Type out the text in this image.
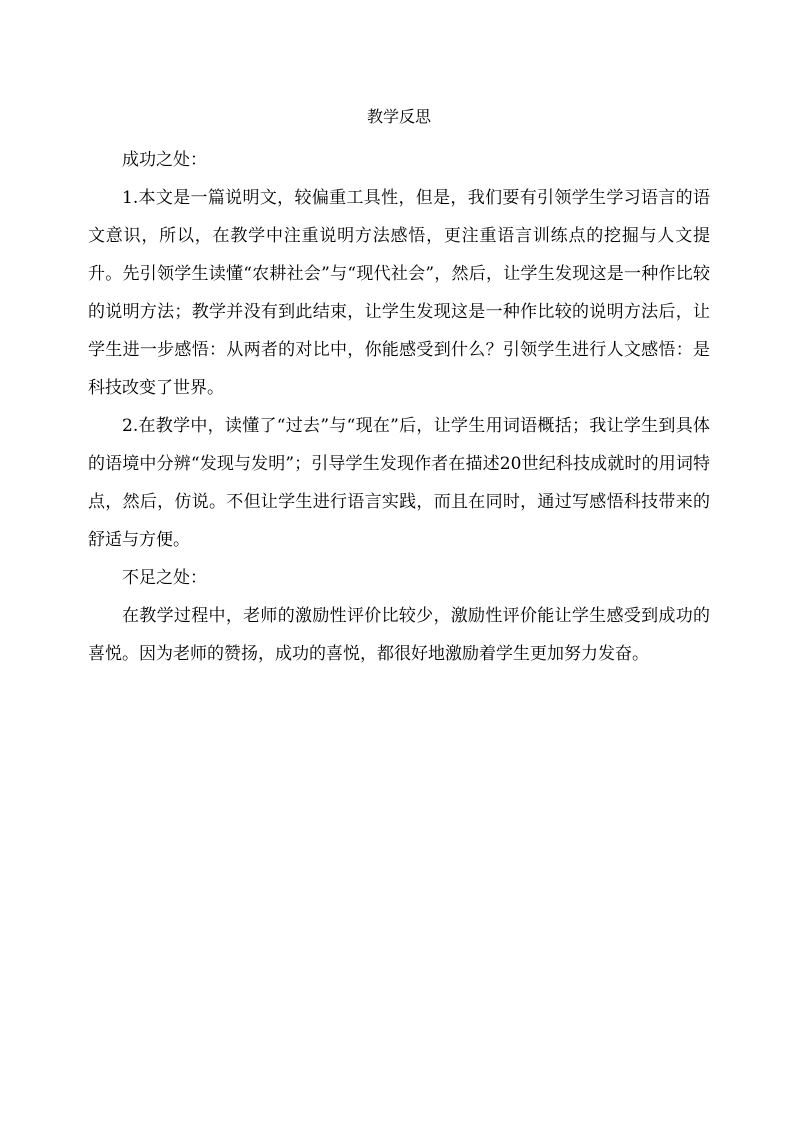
教学反思

成功之处：

1.本文是一篇说明文，较偏重工具性，但是，我们要有引领学生学习语言的语文意识，所以，在教学中注重说明方法感悟，更注重语言训练点的挖掘与人文提升。先引领学生读懂“农耕社会”与“现代社会”，然后，让学生发现这是一种作比较的说明方法；教学并没有到此结束，让学生发现这是一种作比较的说明方法后，让学生进一步感悟：从两者的对比中，你能感受到什么？引领学生进行人文感悟：是科技改变了世界。

2.在教学中，读懂了“过去”与“现在”后，让学生用词语概括；我让学生到具体的语境中分辨“发现与发明”；引导学生发现作者在描述20世纪科技成就时的用词特点，然后，仿说。不但让学生进行语言实践，而且在同时，通过写感悟科技带来的舒适与方便。

不足之处：

在教学过程中，老师的激励性评价比较少，激励性评价能让学生感受到成功的喜悦。因为老师的赞扬，成功的喜悦，都很好地激励着学生更加努力发奋。
